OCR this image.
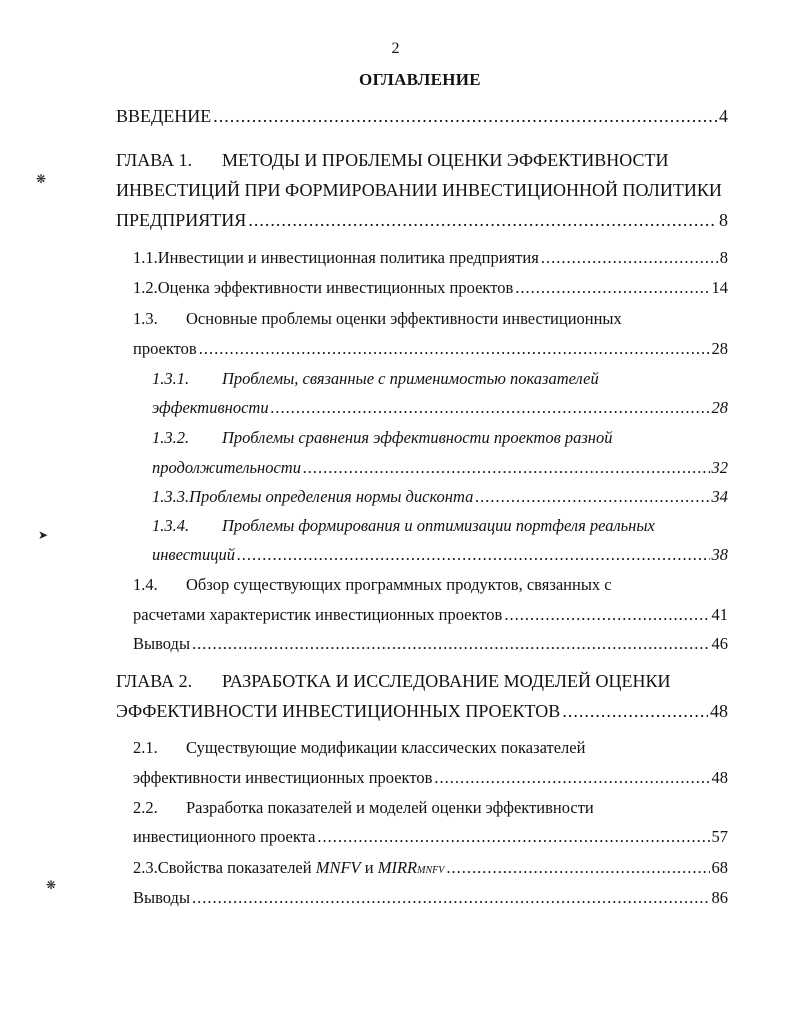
2
ОГЛАВЛЕНИЕ
ВВЕДЕНИЕ .....	4
ГЛАВА 1.	МЕТОДЫ И ПРОБЛЕМЫ ОЦЕНКИ ЭФФЕКТИВНОСТИ
ИНВЕСТИЦИЙ ПРИ ФОРМИРОВАНИИ ИНВЕСТИЦИОННОЙ ПОЛИТИКИ
ПРЕДПРИЯТИЯ .....	8
1.1. Инвестиции и инвестиционная политика предприятия .....	8
1.2. Оценка эффективности инвестиционных проектов .....	14
1.3.	Основные проблемы оценки эффективности инвестиционных
проектов .....	28
1.3.1.	Проблемы, связанные с применимостью показателей
эффективности .....	28
1.3.2.	Проблемы сравнения эффективности проектов разной
продолжительности .....	32
1.3.3. Проблемы определения нормы дисконта .....	34
1.3.4.	Проблемы формирования и оптимизации портфеля реальных
инвестиций .....	38
1.4.	Обзор существующих программных продуктов, связанных с
расчетами характеристик инвестиционных проектов .....	41
Выводы .....	46
ГЛАВА 2.	РАЗРАБОТКА И ИССЛЕДОВАНИЕ МОДЕЛЕЙ ОЦЕНКИ
ЭФФЕКТИВНОСТИ ИНВЕСТИЦИОННЫХ ПРОЕКТОВ .....	48
2.1.	Существующие модификации классических показателей
эффективности инвестиционных проектов .....	48
2.2.	Разработка показателей и моделей оценки эффективности
инвестиционного проекта .....	57
2.3. Свойства показателей
MNFV
и
MIRR MNFV .....	68
Выводы .....	86
❋
➤
❋
